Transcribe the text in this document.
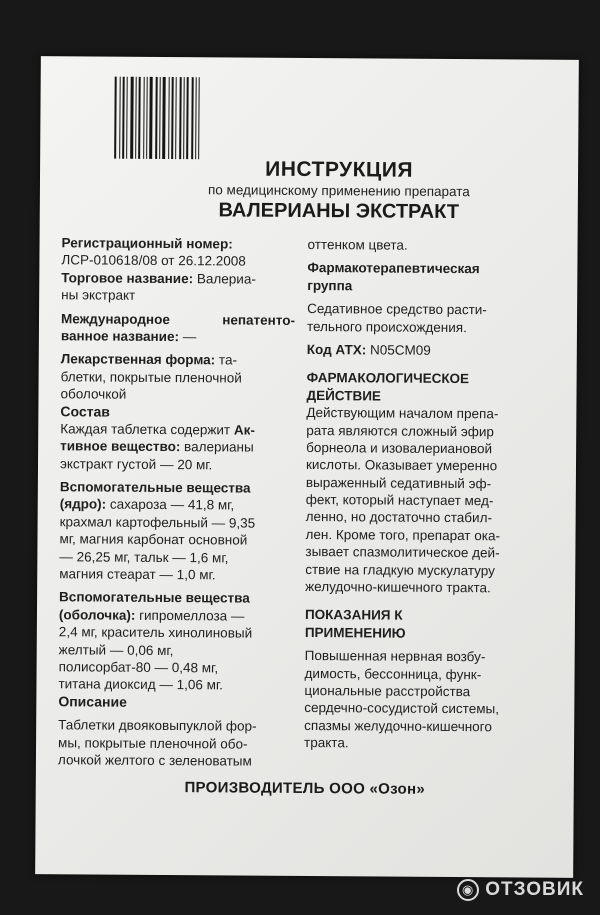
ИНСТРУКЦИЯ
по медицинскому применению препарата
ВАЛЕРИАНЫ ЭКСТРАКТ
Регистрационный номер:
ЛСР-010618/08 от 26.12.2008
Торговое название: Валериа-
ны экстракт
Международное непатенто-
ванное название: —
Лекарственная форма: та-
блетки, покрытые пленочной
оболочкой
Состав
Каждая таблетка содержит Ак-
тивное вещество: валерианы
экстракт густой — 20 мг.
Вспомогательные вещества
(ядро): сахароза — 41,8 мг,
крахмал картофельный — 9,35
мг, магния карбонат основной
— 26,25 мг, тальк — 1,6 мг,
магния стеарат — 1,0 мг.
Вспомогательные вещества
(оболочка): гипромеллоза —
2,4 мг, краситель хинолиновый
желтый — 0,06 мг,
полисорбат-80 — 0,48 мг,
титана диоксид — 1,06 мг.
Описание
Таблетки двояковыпуклой фор-
мы, покрытые пленочной обо-
лочкой желтого с зеленоватым
оттенком цвета.
Фармакотерапевтическая
группа
Седативное средство расти-
тельного происхождения.
Код АТХ: N05CM09
ФАРМАКОЛОГИЧЕСКОЕ
ДЕЙСТВИЕ
Действующим началом препа-
рата являются сложный эфир
борнеола и изовалериановой
кислоты. Оказывает умеренно
выраженный седативный эф-
фект, который наступает мед-
ленно, но достаточно стабил-
лен. Кроме того, препарат ока-
зывает спазмолитическое дей-
ствие на гладкую мускулатуру
желудочно-кишечного тракта.
ПОКАЗАНИЯ К
ПРИМЕНЕНИЮ
Повышенная нервная возбу-
димость, бессонница, функ-
циональные расстройства
сердечно-сосудистой системы,
спазмы желудочно-кишечного
тракта.
ПРОИЗВОДИТЕЛЬ ООО «Озон»
◉ ОТЗОВИК
